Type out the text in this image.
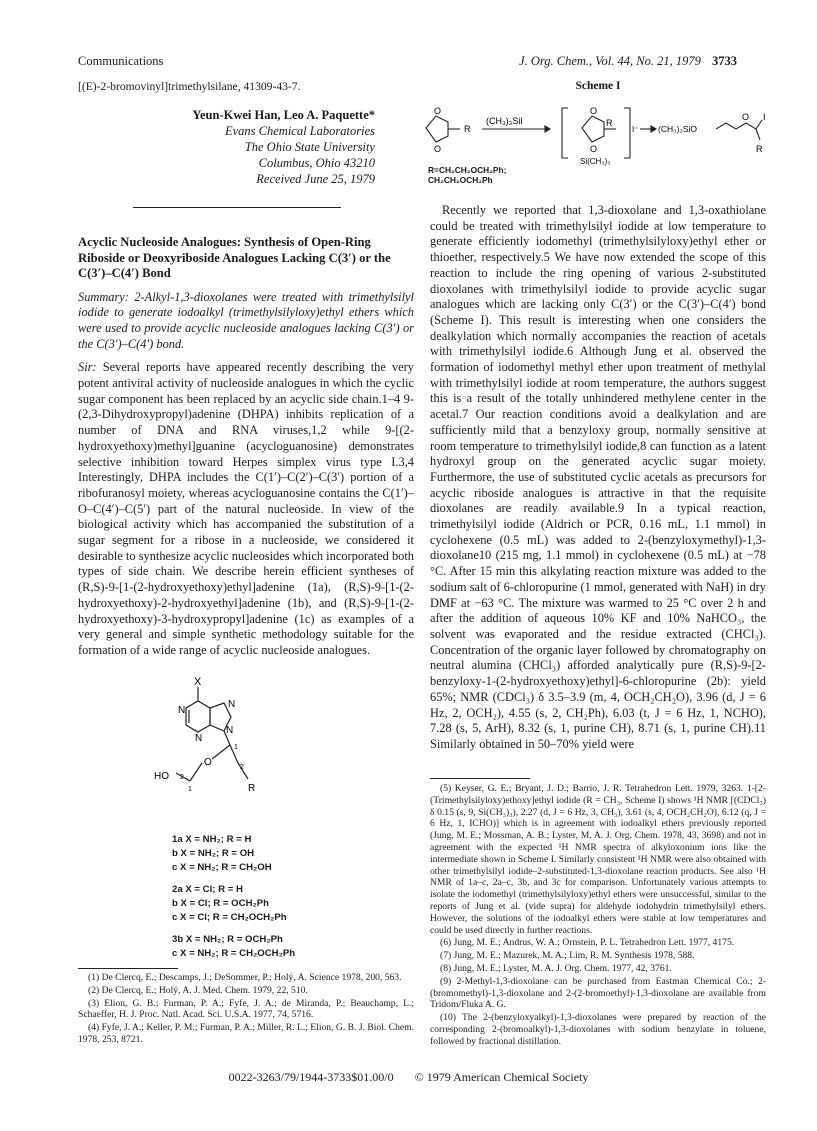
Communications	J. Org. Chem., Vol. 44, No. 21, 1979 3733
[(E)-2-bromovinyl]trimethylsilane, 41309-43-7.
Yeun-Kwei Han, Leo A. Paquette*
Evans Chemical Laboratories
The Ohio State University
Columbus, Ohio 43210
Received June 25, 1979
Acyclic Nucleoside Analogues: Synthesis of Open-Ring Riboside or Deoxyriboside Analogues Lacking C(3′) or the C(3′)–C(4′) Bond

Summary: 2-Alkyl-1,3-dioxolanes were treated with trimethylsilyl iodide to generate iodoalkyl (trimethylsilyloxy)ethyl ethers which were used to provide acyclic nucleoside analogues lacking C(3′) or the C(3′)–C(4′) bond.

Sir: Several reports have appeared recently describing the very potent antiviral activity of nucleoside analogues in which the cyclic sugar component has been replaced by an acyclic side chain.1–4 9-(2,3-Dihydroxypropyl)adenine (DHPA) inhibits replication of a number of DNA and RNA viruses,1,2 while 9-[(2-hydroxyethoxy)methyl]guanine (acycloguanosine) demonstrates selective inhibition toward Herpes simplex virus type I.3,4 Interestingly, DHPA includes the C(1′)–C(2′)–C(3′) portion of a ribofuranosyl moiety, whereas acycloguanosine contains the C(1′)–O–C(4′)–C(5′) part of the natural nucleoside. In view of the biological activity which has accompanied the substitution of a sugar segment for a ribose in a nucleoside, we considered it desirable to synthesize acyclic nucleosides which incorporated both types of side chain. We describe herein efficient syntheses of (R,S)-9-[1-(2-hydroxyethoxy)ethyl]adenine (1a), (R,S)-9-[1-(2-hydroxyethoxy)-2-hydroxyethyl]adenine (1b), and (R,S)-9-[1-(2-hydroxyethoxy)-3-hydroxypropyl]adenine (1c) as examples of a very general and simple synthetic methodology suitable for the formation of a wide range of acyclic nucleoside analogues.

X
N
N
N
N
O
1
2
R
HO 2
1
1a X = NH₂; R = H
b X = NH₂; R = OH
c X = NH₂; R = CH₂OH
2a X = Cl; R = H
b X = Cl; R = OCH₂Ph
c X = Cl; R = CH₂OCH₂Ph
3b X = NH₂; R = OCH₂Ph
c X = NH₂; R = CH₂OCH₂Ph

(1) De Clercq, E.; Descamps, J.; DeSommer, P.; Holý, A. Science 1978, 200, 563.

(2) De Clercq, E.; Holý, A. J. Med. Chem. 1979, 22, 510.

(3) Elion, G. B.; Furman, P. A.; Fyfe, J. A.; de Miranda, P.; Beauchamp, L.; Schaeffer, H. J. Proc. Natl. Acad. Sci. U.S.A. 1977, 74, 5716.

(4) Fyfe, J. A.; Keller, P. M.; Furman, P. A.; Miller, R. L.; Elion, G. B. J. Biol. Chem. 1978, 253, 8721.

Scheme I
O
O
R
(CH₃)₃SiI
O
O
R
Si(CH₃)₃
I⁻ (CH₃)₃SiO
O I
R
R=CH₂CH₂OCH₂Ph;
CH₂CH₂OCH₂Ph

Recently we reported that 1,3-dioxolane and 1,3-oxathiolane could be treated with trimethylsilyl iodide at low temperature to generate efficiently iodomethyl (trimethylsilyloxy)ethyl ether or thioether, respectively.5 We have now extended the scope of this reaction to include the ring opening of various 2-substituted dioxolanes with trimethylsilyl iodide to provide acyclic sugar analogues which are lacking only C(3′) or the C(3′)–C(4′) bond (Scheme I). This result is interesting when one considers the dealkylation which normally accompanies the reaction of acetals with trimethylsilyl iodide.6 Although Jung et al. observed the formation of iodomethyl methyl ether upon treatment of methylal with trimethylsilyl iodide at room temperature, the authors suggest this is a result of the totally unhindered methylene center in the acetal.7 Our reaction conditions avoid a dealkylation and are sufficiently mild that a benzyloxy group, normally sensitive at room temperature to trimethylsilyl iodide,8 can function as a latent hydroxyl group on the generated acyclic sugar moiety. Furthermore, the use of substituted cyclic acetals as precursors for acyclic riboside analogues is attractive in that the requisite dioxolanes are readily available.9 In a typical reaction, trimethylsilyl iodide (Aldrich or PCR, 0.16 mL, 1.1 mmol) in cyclohexene (0.5 mL) was added to 2-(benzyloxymethyl)-1,3-dioxolane10 (215 mg, 1.1 mmol) in cyclohexene (0.5 mL) at −78 °C. After 15 min this alkylating reaction mixture was added to the sodium salt of 6-chloropurine (1 mmol, generated with NaH) in dry DMF at −63 °C. The mixture was warmed to 25 °C over 2 h and after the addition of aqueous 10% KF and 10% NaHCO₃, the solvent was evaporated and the residue extracted (CHCl₃). Concentration of the organic layer followed by chromatography on neutral alumina (CHCl₃) afforded analytically pure (R,S)-9-[2-benzyloxy-1-(2-hydroxyethoxy)ethyl]-6-chloropurine (2b): yield 65%; NMR (CDCl₃) δ 3.5–3.9 (m, 4, OCH₂CH₂O), 3.96 (d, J = 6 Hz, 2, OCH₂), 4.55 (s, 2, CH₂Ph), 6.03 (t, J = 6 Hz, 1, NCHO), 7.28 (s, 5, ArH), 8.32 (s, 1, purine CH), 8.71 (s, 1, purine CH).11 Similarly obtained in 50–70% yield were

(5) Keyser, G. E.; Bryant, J. D.; Barrio, J. R. Tetrahedron Lett. 1979, 3263. 1-[2-(Trimethylsilyloxy)ethoxy]ethyl iodide (R = CH₃, Scheme I) shows ¹H NMR [(CDCl₃) δ 0.15 (s, 9, Si(CH₃)₃), 2.27 (d, J = 6 Hz, 3, CH₃), 3.61 (s, 4, OCH₂CH₂O), 6.12 (q, J = 6 Hz, 1, ICHO)] which is in agreement with iodoalkyl ethers previously reported (Jung, M. E.; Mossman, A. B.; Lyster, M. A. J. Org. Chem. 1978, 43, 3698) and not in agreement with the expected ¹H NMR spectra of alkyloxonium ions like the intermediate shown in Scheme I. Similarly consistent ¹H NMR were also obtained with other trimethylsilyl iodide–2-substituted-1,3-dioxolane reaction products. See also ¹H NMR of 1a–c, 2a–c, 3b, and 3c for comparison. Unfortunately various attempts to isolate the iodomethyl (trimethylsilyloxy)ethyl ethers were unsuccessful, similar to the reports of Jung et al. (vide supra) for aldehyde iodohydrin trimethylsilyl ethers. However, the solutions of the iodoalkyl ethers were stable at low temperatures and could be used directly in further reactions.

(6) Jung, M. E.; Andrus, W. A.; Ornstein, P. L. Tetrahedron Lett. 1977, 4175.

(7) Jung, M. E.; Mazurek, M. A.; Lim, R. M. Synthesis 1978, 588.

(8) Jung, M. E.; Lyster, M. A. J. Org. Chem. 1977, 42, 3761.

(9) 2-Methyl-1,3-dioxolane can be purchased from Eastman Chemical Co.; 2-(bromomethyl)-1,3-dioxolane and 2-(2-bromoethyl)-1,3-dioxolane are available from Tridom/Fluka A. G.

(10) The 2-(benzyloxyalkyl)-1,3-dioxolanes were prepared by reaction of the corresponding 2-(bromoalkyl)-1,3-dioxolanes with sodium benzylate in toluene, followed by fractional distillation.

0022-3263/79/1944-3733$01.00/0 © 1979 American Chemical Society
